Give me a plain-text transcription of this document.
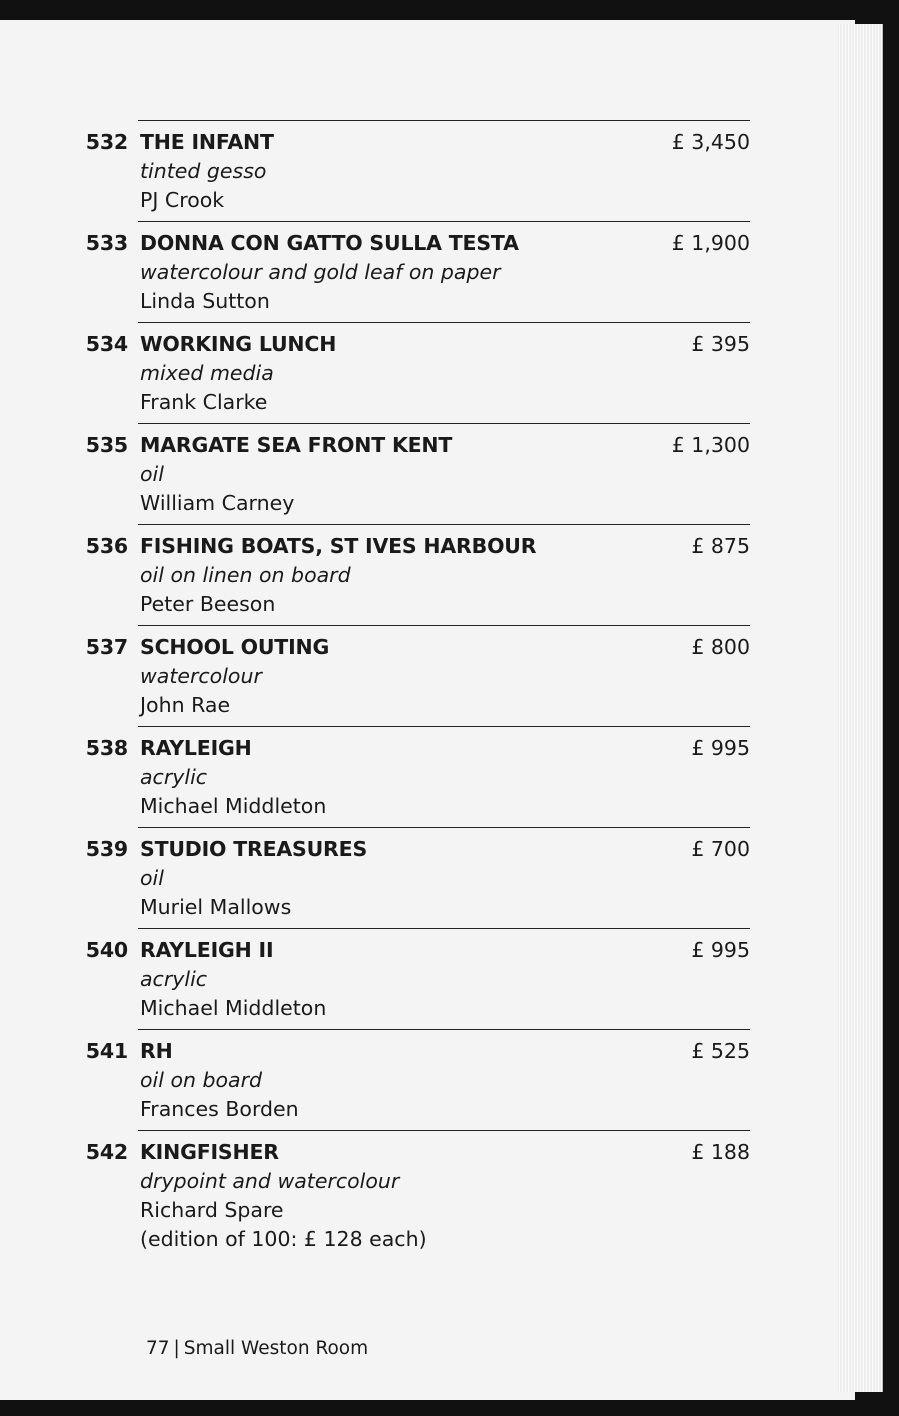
532 THE INFANT
tinted gesso
PJ Crook
£ 3,450
533 DONNA CON GATTO SULLA TESTA
watercolour and gold leaf on paper
Linda Sutton
£ 1,900
534 WORKING LUNCH
mixed media
Frank Clarke
£ 395
535 MARGATE SEA FRONT KENT
oil
William Carney
£ 1,300
536 FISHING BOATS, ST IVES HARBOUR
oil on linen on board
Peter Beeson
£ 875
537 SCHOOL OUTING
watercolour
John Rae
£ 800
538 RAYLEIGH
acrylic
Michael Middleton
£ 995
539 STUDIO TREASURES
oil
Muriel Mallows
£ 700
540 RAYLEIGH II
acrylic
Michael Middleton
£ 995
541 RH
oil on board
Frances Borden
£ 525
542 KINGFISHER
drypoint and watercolour
Richard Spare
(edition of 100: £ 128 each)
£ 188
77 | Small Weston Room
